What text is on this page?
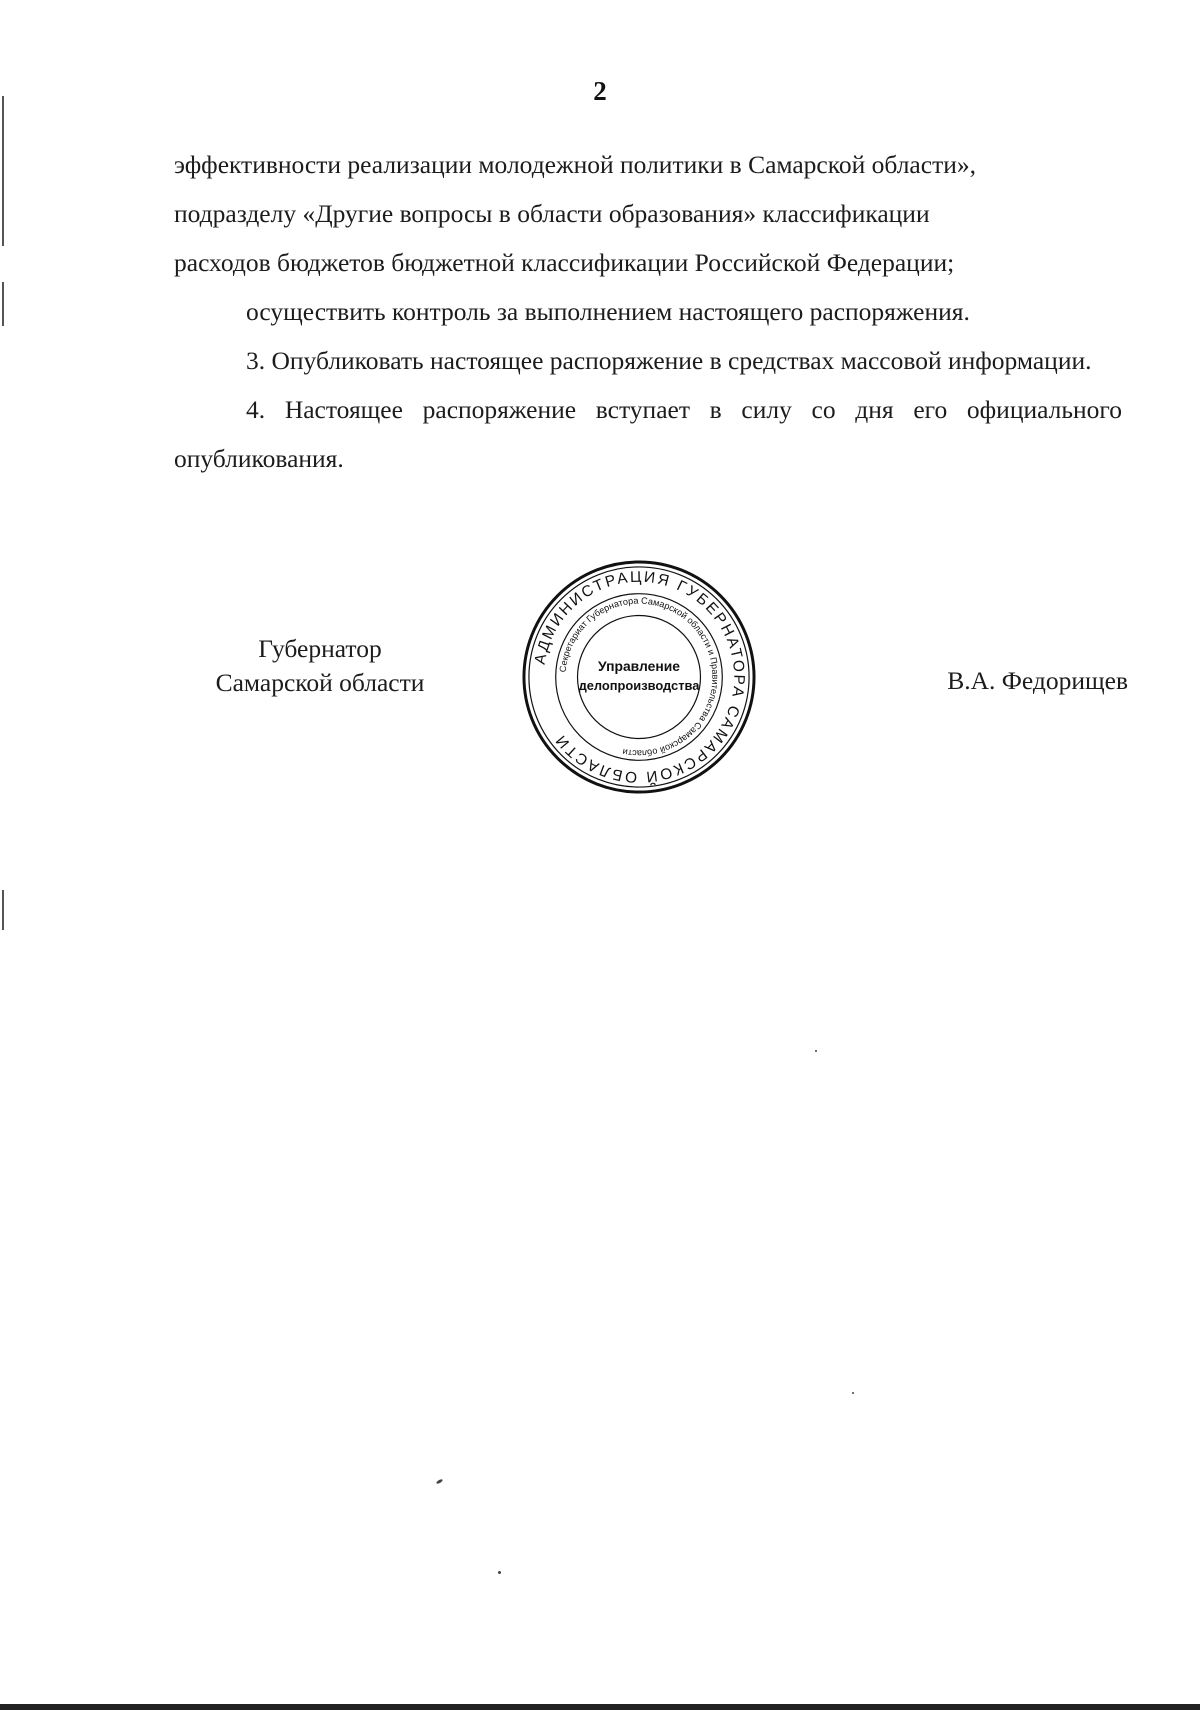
2

эффективности реализации молодежной политики в Самарской области»,

подразделу «Другие вопросы в области образования» классификации

расходов бюджетов бюджетной классификации Российской Федерации;

осуществить контроль за выполнением настоящего распоряжения.

3. Опубликовать настоящее распоряжение в средствах массовой информации.

4. Настоящее распоряжение вступает в силу со дня его официального опубликования.

Губернатор
Самарской области
АДМИНИСТРАЦИЯ ГУБЕРНАТОРА САМАРСКОЙ ОБЛАСТИ
Секретариат Губернатора Самарской области и Правительства Самарской области
Управление
делопроизводства	В.А. Федорищев
